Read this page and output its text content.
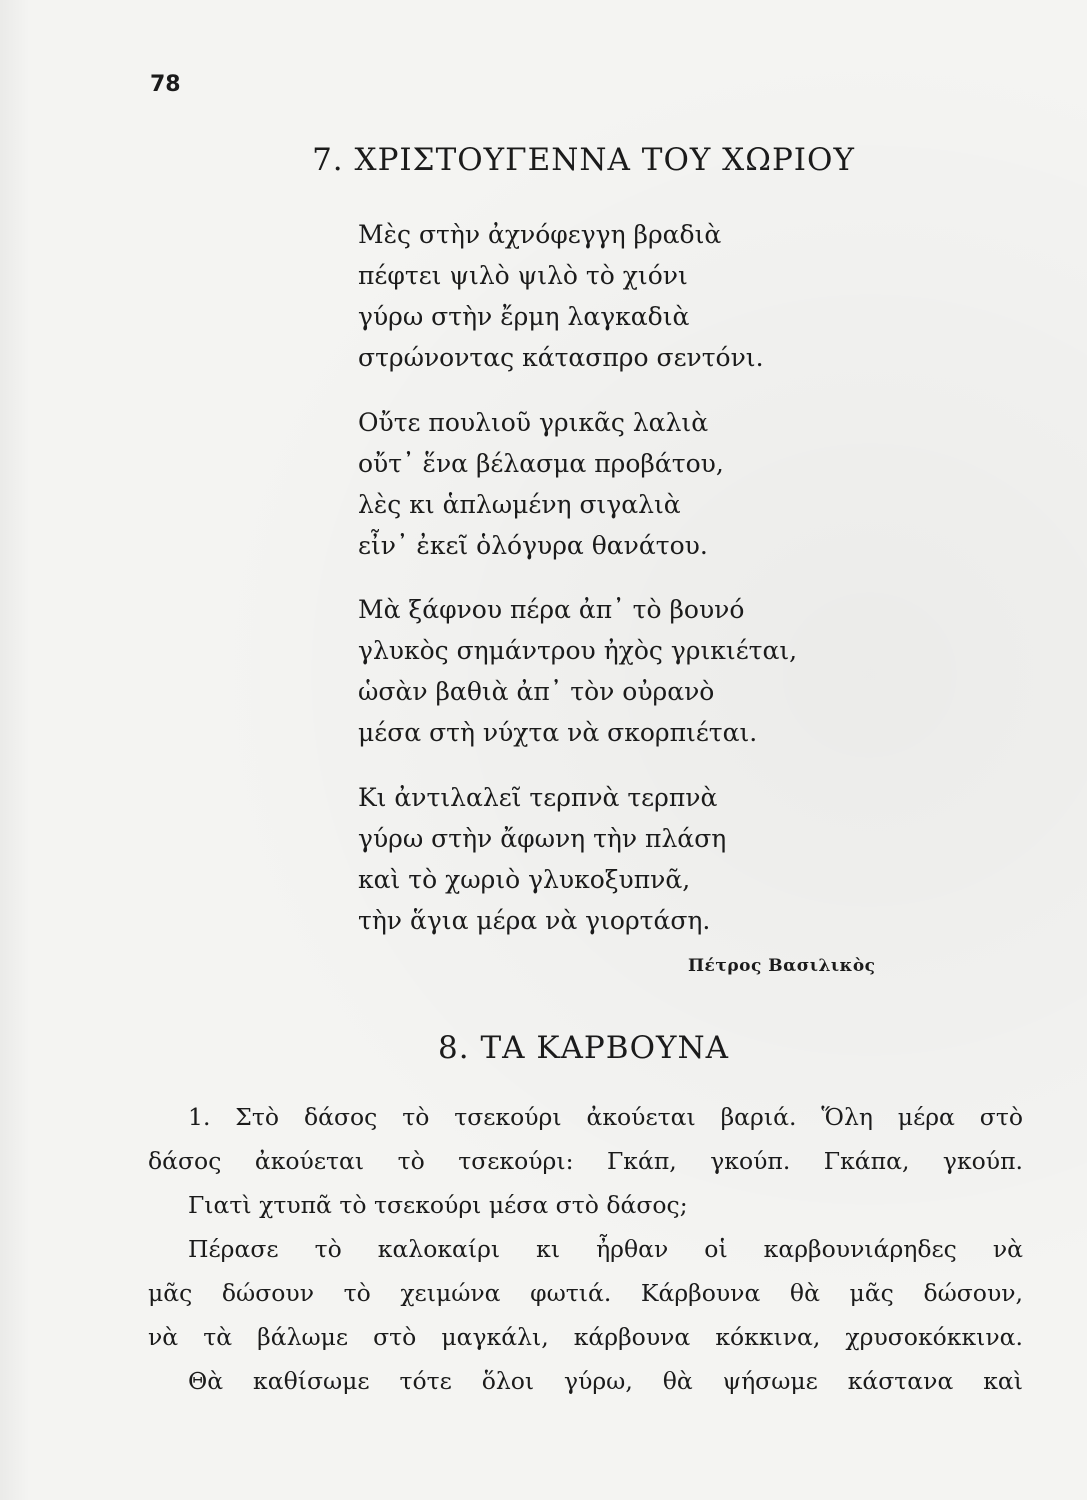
78
7. ΧΡΙΣΤΟΥΓΕΝΝΑ ΤΟΥ ΧΩΡΙΟΥ
Μὲς στὴν ἀχνόφεγγη βραδιὰ
πέφτει ψιλὸ ψιλὸ τὸ χιόνι
γύρω στὴν ἔρμη λαγκαδιὰ
στρώνοντας κάτασπρο σεντόνι.
Οὔτε πουλιοῦ γρικᾶς λαλιὰ
οὔτ᾽ ἕνα βέλασμα προβάτου,
λὲς κι ἁπλωμένη σιγαλιὰ
εἶν᾽ ἐκεῖ ὁλόγυρα θανάτου.
Μὰ ξάφνου πέρα ἀπ᾽ τὸ βουνό
γλυκὸς σημάντρου ἠχὸς γρικιέται,
ὡσὰν βαθιὰ ἀπ᾽ τὸν οὐρανὸ
μέσα στὴ νύχτα νὰ σκορπιέται.
Κι ἀντιλαλεῖ τερπνὰ τερπνὰ
γύρω στὴν ἄφωνη τὴν πλάση
καὶ τὸ χωριὸ γλυκοξυπνᾶ,
τὴν ἅγια μέρα νὰ γιορτάση.
Πέτρος Βασιλικὸς
8. ΤΑ ΚΑΡΒΟΥΝΑ
1. Στὸ δάσος τὸ τσεκούρι ἀκούεται βαριά. Ὅλη μέρα στὸ
δάσος ἀκούεται τὸ τσεκούρι: Γκάπ, γκούπ. Γκάπα, γκούπ.
Γιατὶ χτυπᾶ τὸ τσεκούρι μέσα στὸ δάσος;
Πέρασε τὸ καλοκαίρι κι ἦρθαν οἱ καρβουνιάρηδες νὰ
μᾶς δώσουν τὸ χειμώνα φωτιά. Κάρβουνα θὰ μᾶς δώσουν,
νὰ τὰ βάλωμε στὸ μαγκάλι, κάρβουνα κόκκινα, χρυσοκόκκινα.
Θὰ καθίσωμε τότε ὅλοι γύρω, θὰ ψήσωμε κάστανα καὶ
